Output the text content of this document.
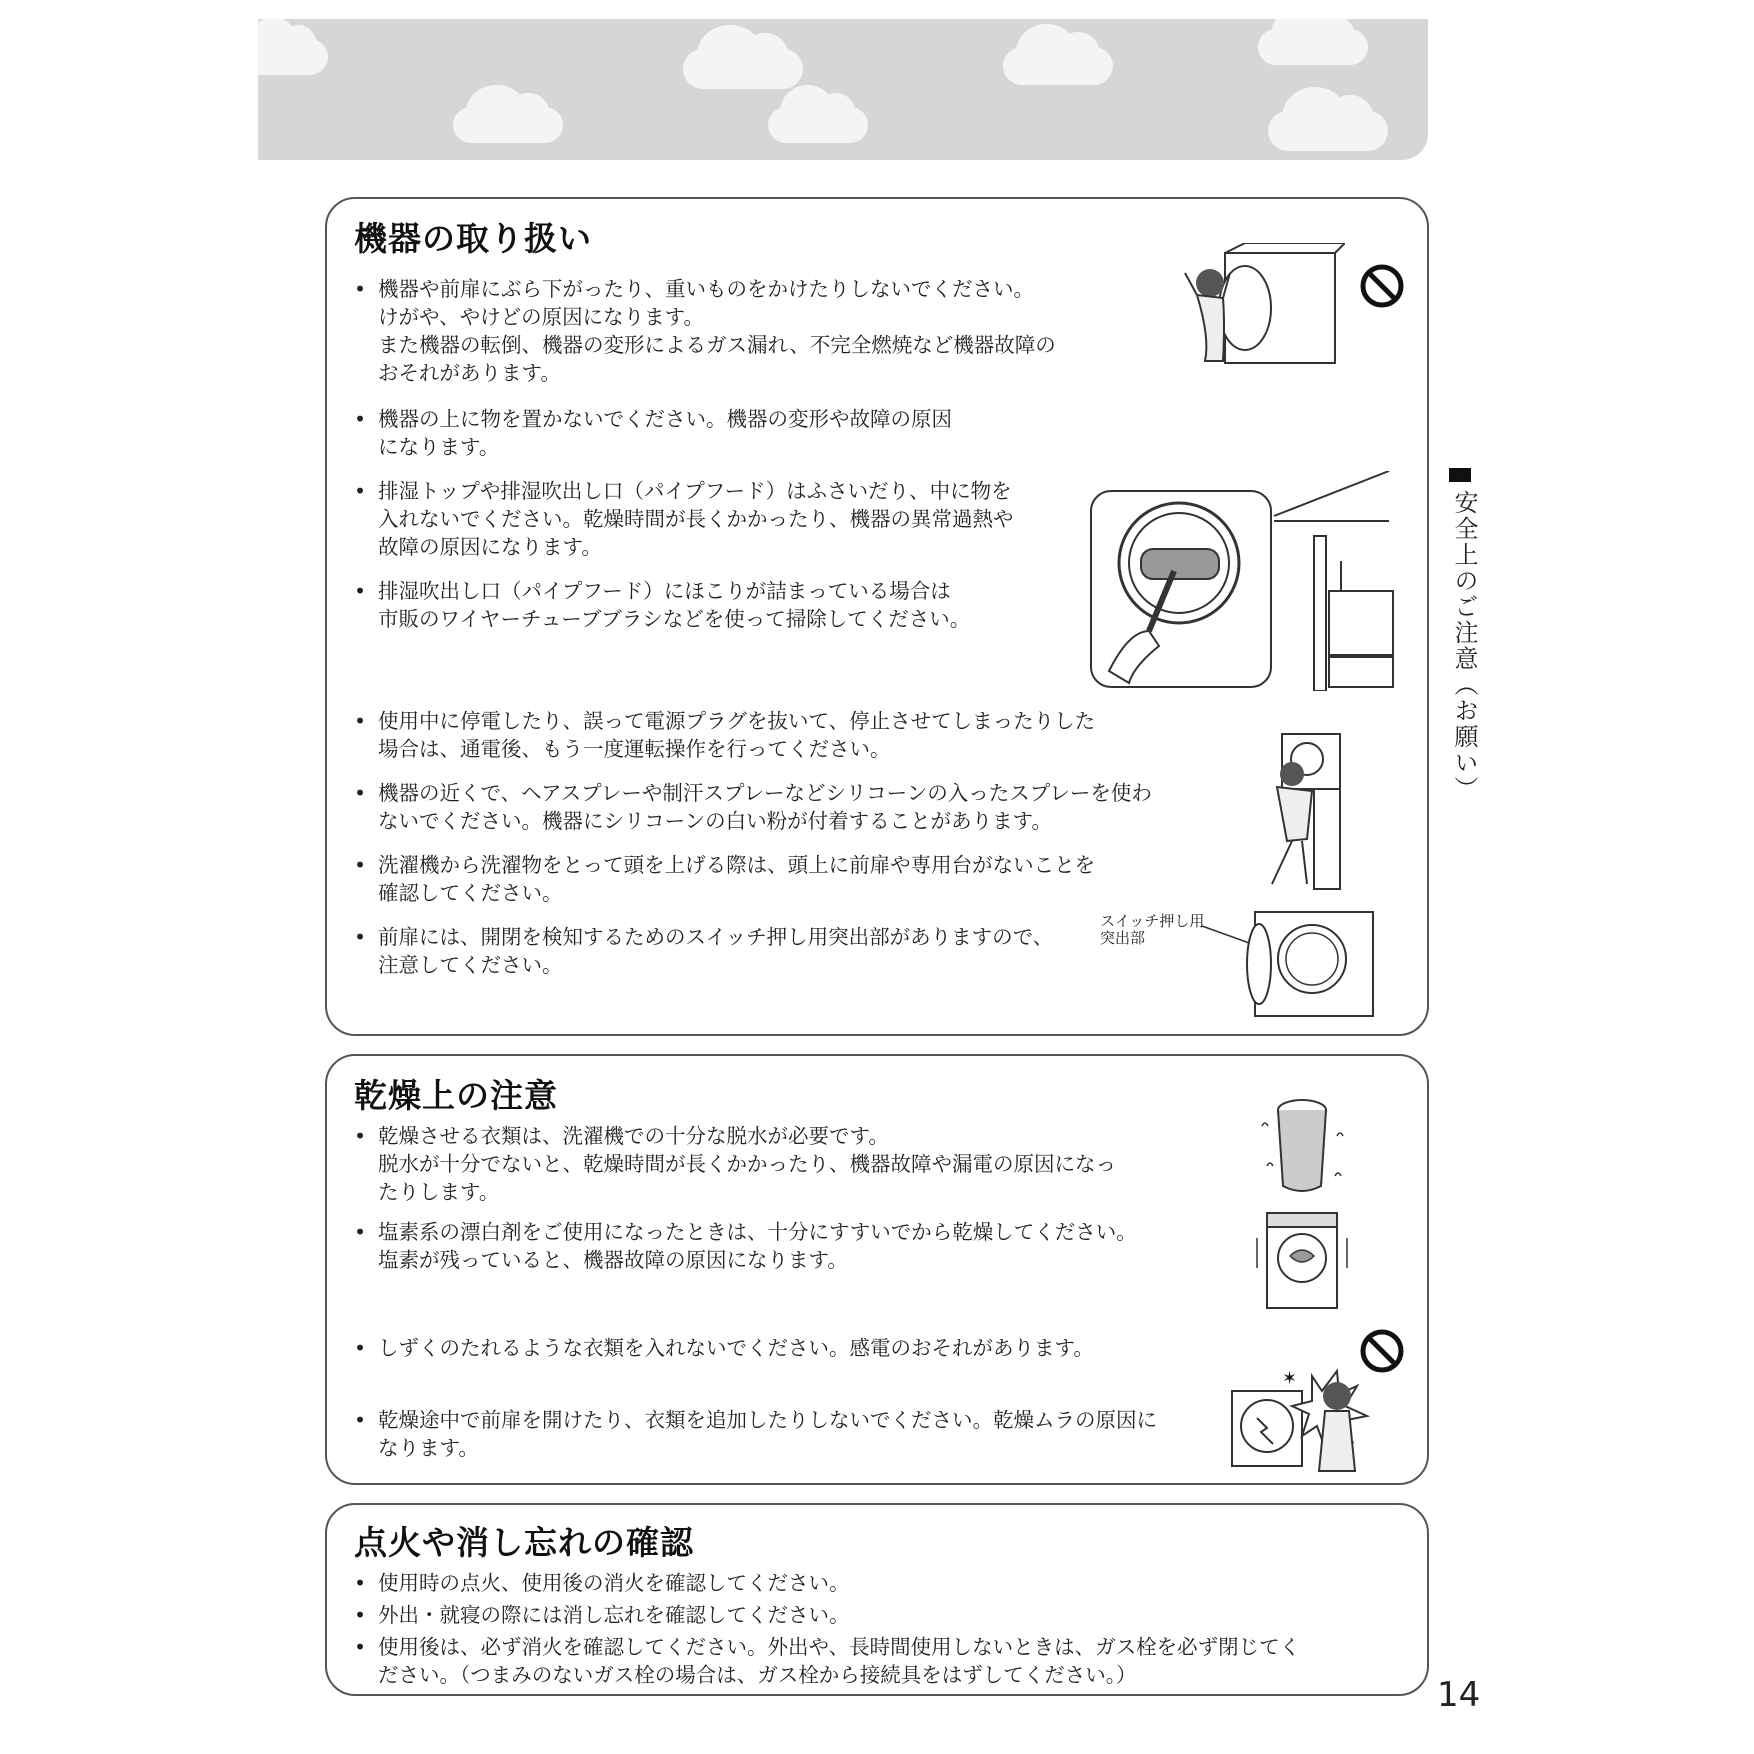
機器の取り扱い
• 機器や前扉にぶら下がったり、重いものをかけたりしないでください。
けがや、やけどの原因になります。
また機器の転倒、機器の変形によるガス漏れ、不完全燃焼など機器故障の
おそれがあります。
• 機器の上に物を置かないでください。機器の変形や故障の原因
になります。
• 排湿トップや排湿吹出し口（パイプフード）はふさいだり、中に物を
入れないでください。乾燥時間が長くかかったり、機器の異常過熱や
故障の原因になります。
• 排湿吹出し口（パイプフード）にほこりが詰まっている場合は
市販のワイヤーチューブブラシなどを使って掃除してください。
• 使用中に停電したり、誤って電源プラグを抜いて、停止させてしまったりした
場合は、通電後、もう一度運転操作を行ってください。
• 機器の近くで、ヘアスプレーや制汗スプレーなどシリコーンの入ったスプレーを使わ
ないでください。機器にシリコーンの白い粉が付着することがあります。
• 洗濯機から洗濯物をとって頭を上げる際は、頭上に前扉や専用台がないことを
確認してください。
• 前扉には、開閉を検知するためのスイッチ押し用突出部がありますので、
注意してください。
スイッチ押し用
突出部
乾燥上の注意
• 乾燥させる衣類は、洗濯機での十分な脱水が必要です。
脱水が十分でないと、乾燥時間が長くかかったり、機器故障や漏電の原因になっ
たりします。
• 塩素系の漂白剤をご使用になったときは、十分にすすいでから乾燥してください。
塩素が残っていると、機器故障の原因になります。
• しずくのたれるような衣類を入れないでください。感電のおそれがあります。
• 乾燥途中で前扉を開けたり、衣類を追加したりしないでください。乾燥ムラの原因に
なります。
✶
点火や消し忘れの確認
• 使用時の点火、使用後の消火を確認してください。
• 外出・就寝の際には消し忘れを確認してください。
• 使用後は、必ず消火を確認してください。外出や、長時間使用しないときは、ガス栓を必ず閉じてく
ださい。（つまみのないガス栓の場合は、ガス栓から接続具をはずしてください。）
安全上のご注意（お願い）
14
